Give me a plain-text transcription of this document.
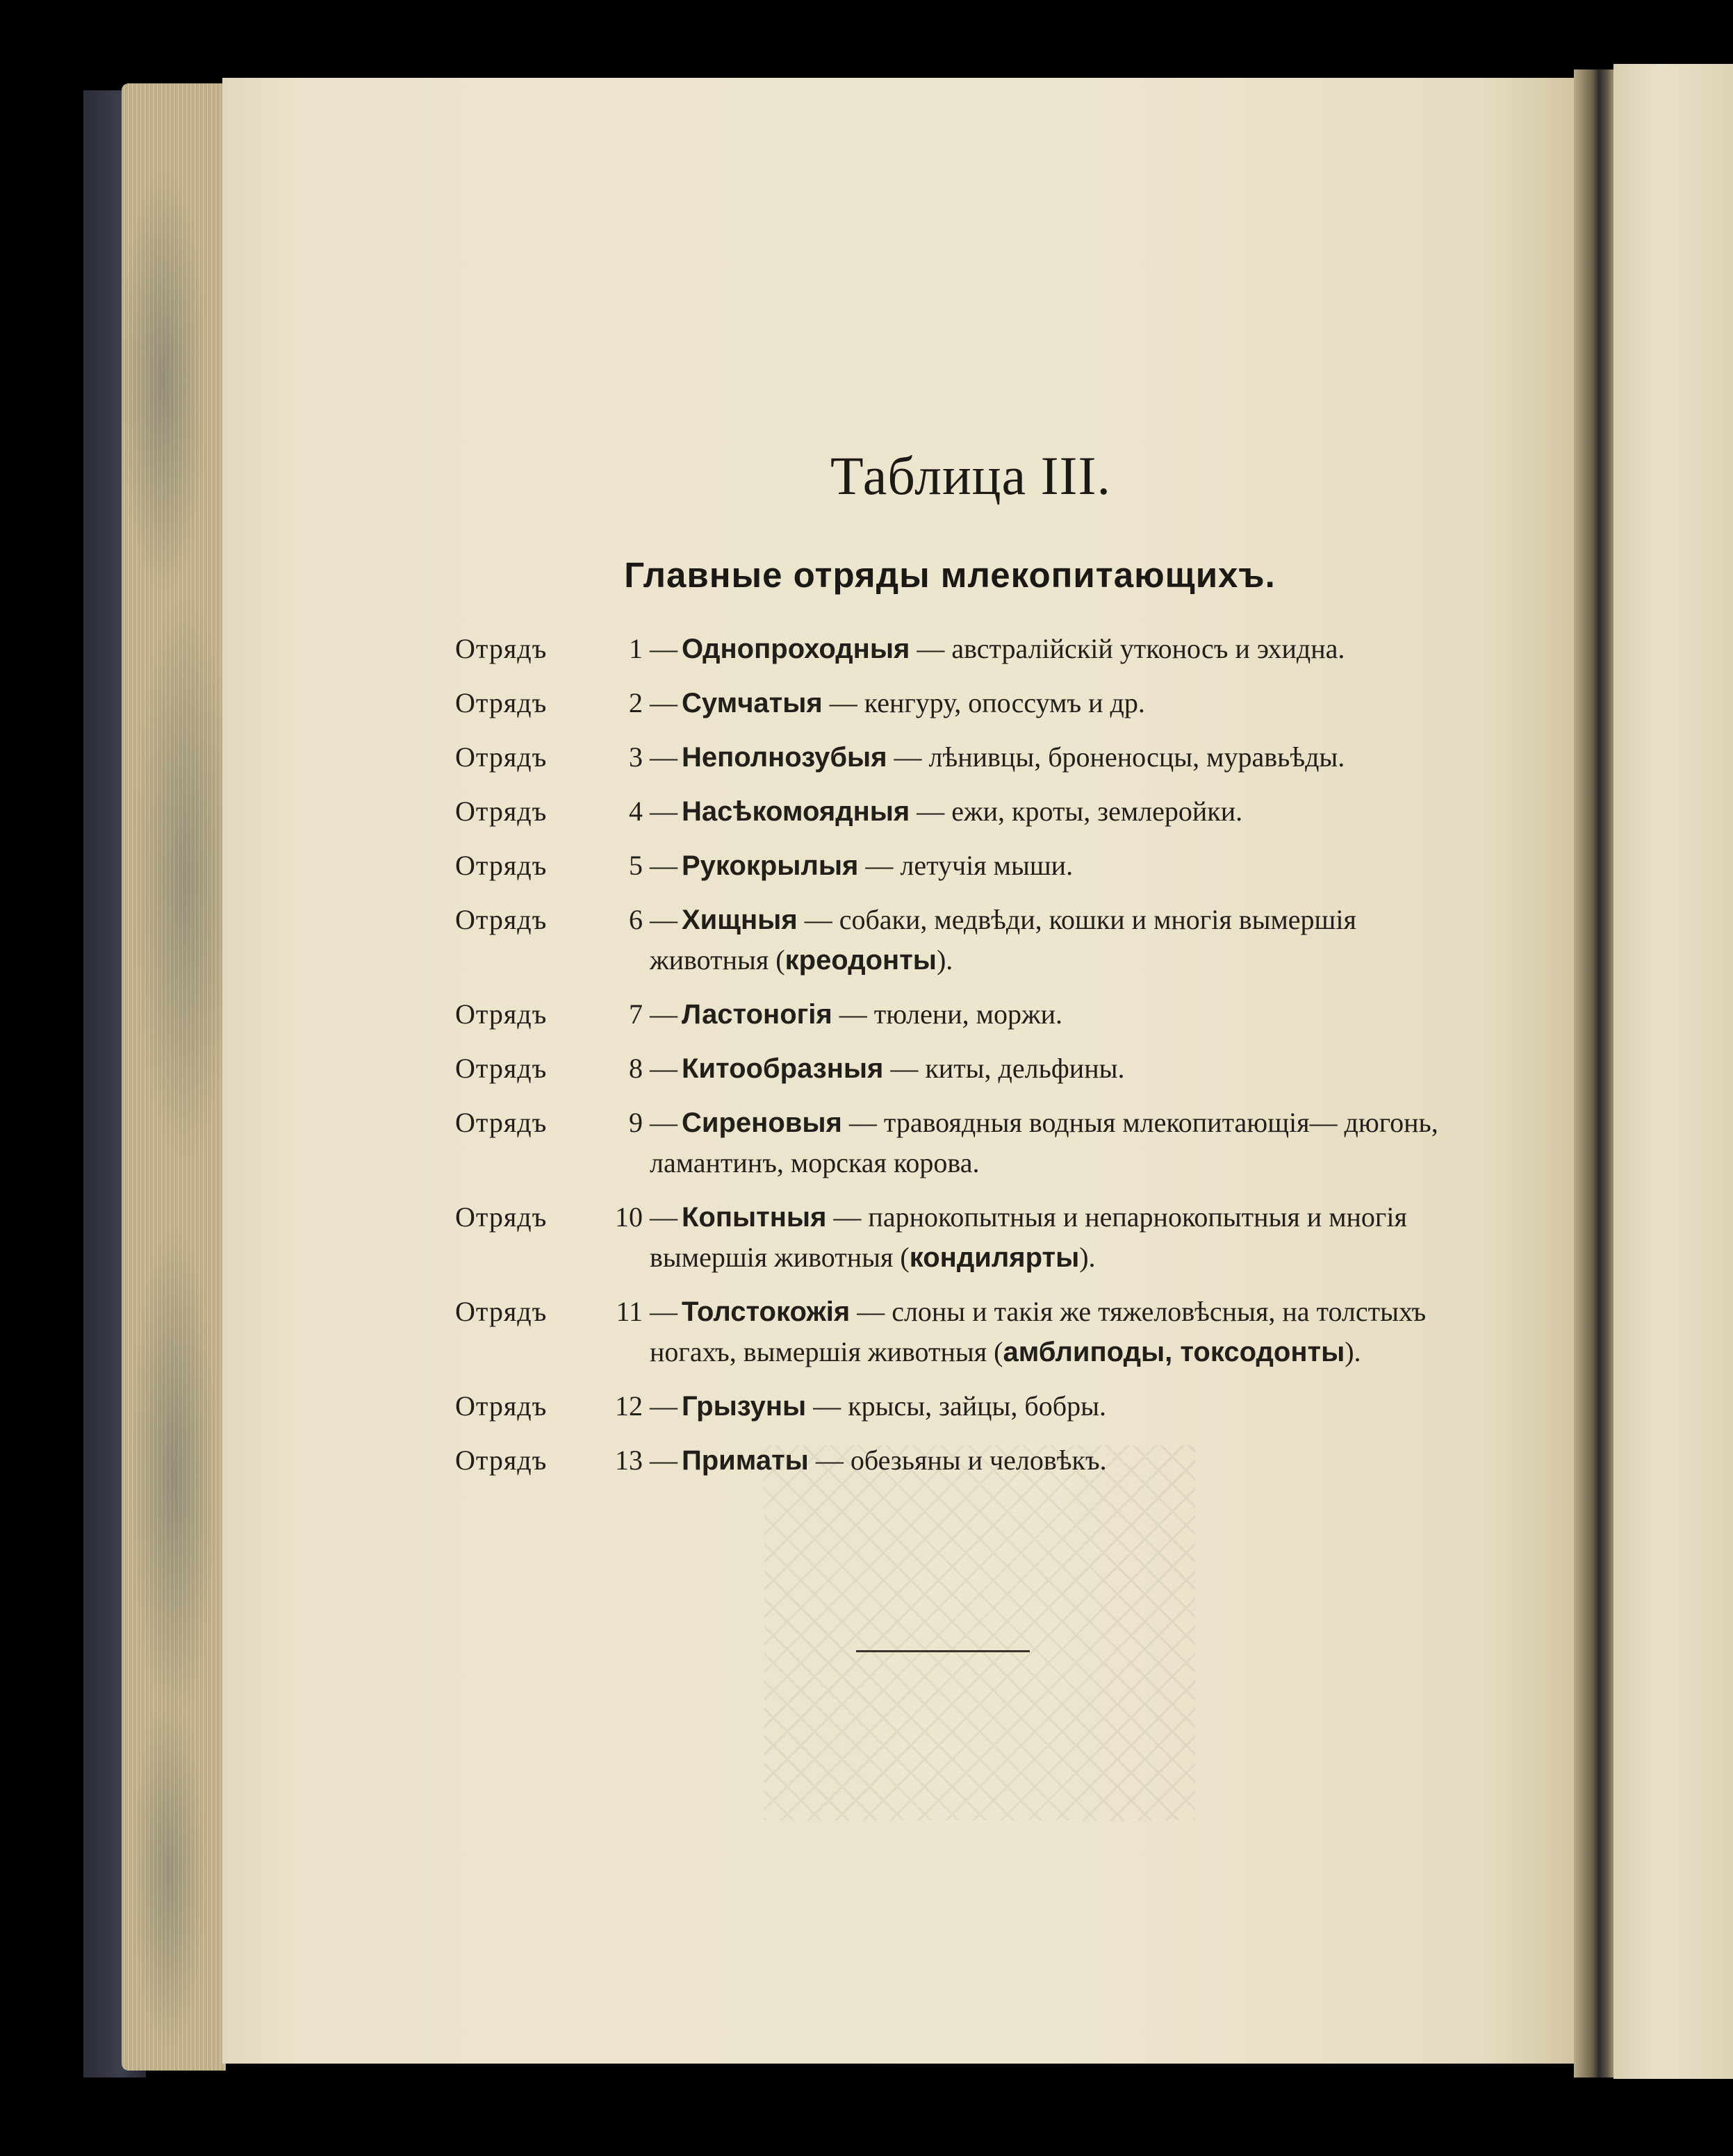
Таблица III.
Главные отряды млекопитающихъ.
Отрядъ	1 — Однопроходныя — австралійскій утконосъ и эхидна.
Отрядъ	2 — Сумчатыя — кенгуру, опоссумъ и др.
Отрядъ	3 — Неполнозубыя — лѣнивцы, броненосцы, муравьѣды.
Отрядъ	4 — Насѣкомоядныя — ежи, кроты, землеройки.
Отрядъ	5 — Рукокрылыя — летучія мыши.
Отрядъ	6 — Хищныя — собаки, медвѣди, кошки и многія вымершія животныя (креодонты).
Отрядъ	7 — Ластоногія — тюлени, моржи.
Отрядъ	8 — Китообразныя — киты, дельфины.
Отрядъ	9 — Сиреновыя — травоядныя водныя млекопитающія— дюгонь, ламантинъ, морская корова.
Отрядъ	10 — Копытныя — парнокопытныя и непарнокопытныя и многія вымершія животныя (кондилярты).
Отрядъ	11 — Толстокожія — слоны и такія же тяжеловѣсныя, на толстыхъ ногахъ, вымершія животныя (амблиподы, токсодонты).
Отрядъ	12 — Грызуны — крысы, зайцы, бобры.
Отрядъ	13 — Приматы — обезьяны и человѣкъ.
